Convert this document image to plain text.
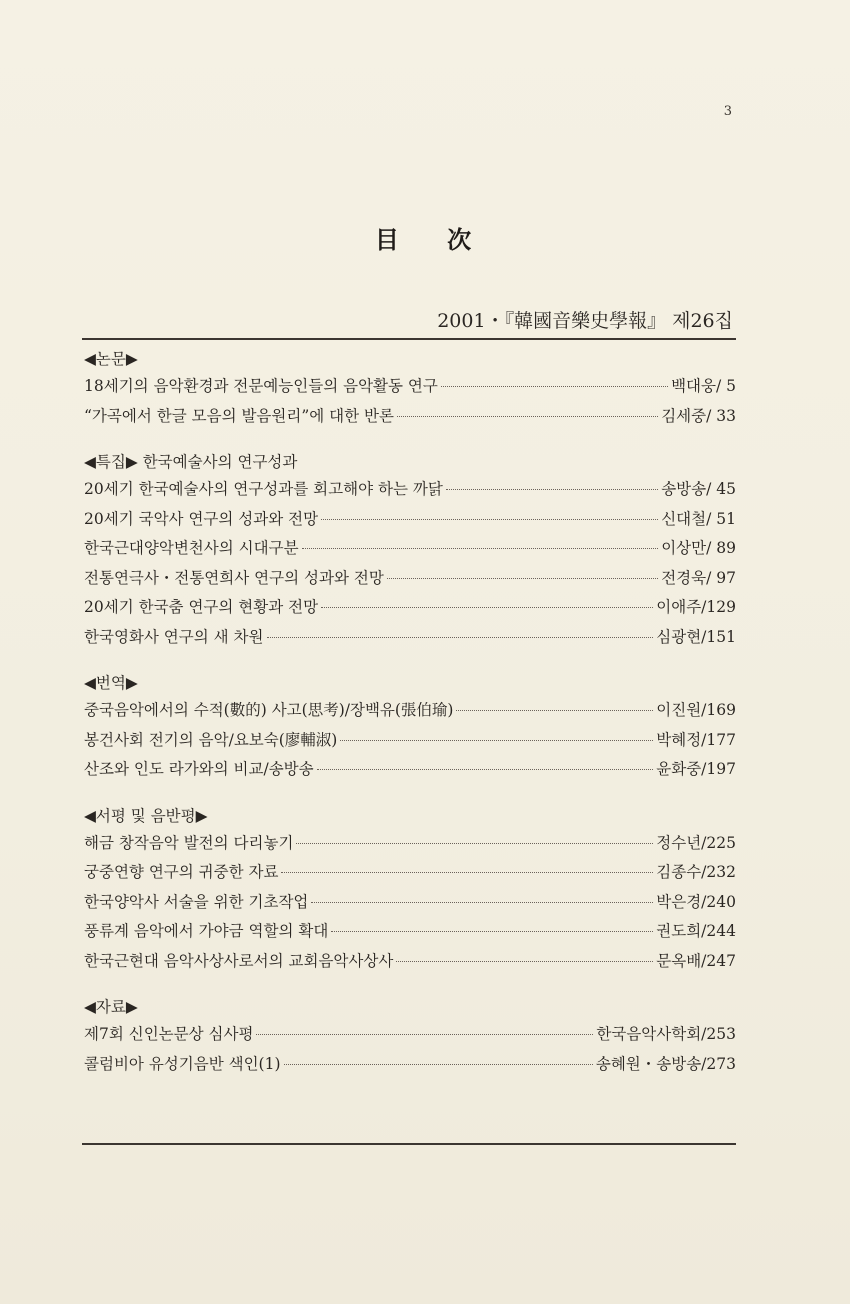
3
目 次
2001・『韓國音樂史學報』 제26집
◀논문▶
18세기의 음악환경과 전문예능인들의 음악활동 연구	백대웅/ 5
“가곡에서 한글 모음의 발음원리”에 대한 반론	김세중/ 33
◀특집▶ 한국예술사의 연구성과
20세기 한국예술사의 연구성과를 회고해야 하는 까닭	송방송/ 45
20세기 국악사 연구의 성과와 전망	신대철/ 51
한국근대양악변천사의 시대구분	이상만/ 89
전통연극사・전통연희사 연구의 성과와 전망	전경욱/ 97
20세기 한국춤 연구의 현황과 전망	이애주/129
한국영화사 연구의 새 차원	심광현/151
◀번역▶
중국음악에서의 수적(數的) 사고(思考)/장백유(張伯瑜)	이진원/169
봉건사회 전기의 음악/요보숙(廖輔淑)	박혜정/177
산조와 인도 라가와의 비교/송방송	윤화중/197
◀서평 및 음반평▶
해금 창작음악 발전의 다리놓기	정수년/225
궁중연향 연구의 귀중한 자료	김종수/232
한국양악사 서술을 위한 기초작업	박은경/240
풍류계 음악에서 가야금 역할의 확대	권도희/244
한국근현대 음악사상사로서의 교회음악사상사	문옥배/247
◀자료▶
제7회 신인논문상 심사평	한국음악사학회/253
콜럼비아 유성기음반 색인(1)	송혜원・송방송/273
